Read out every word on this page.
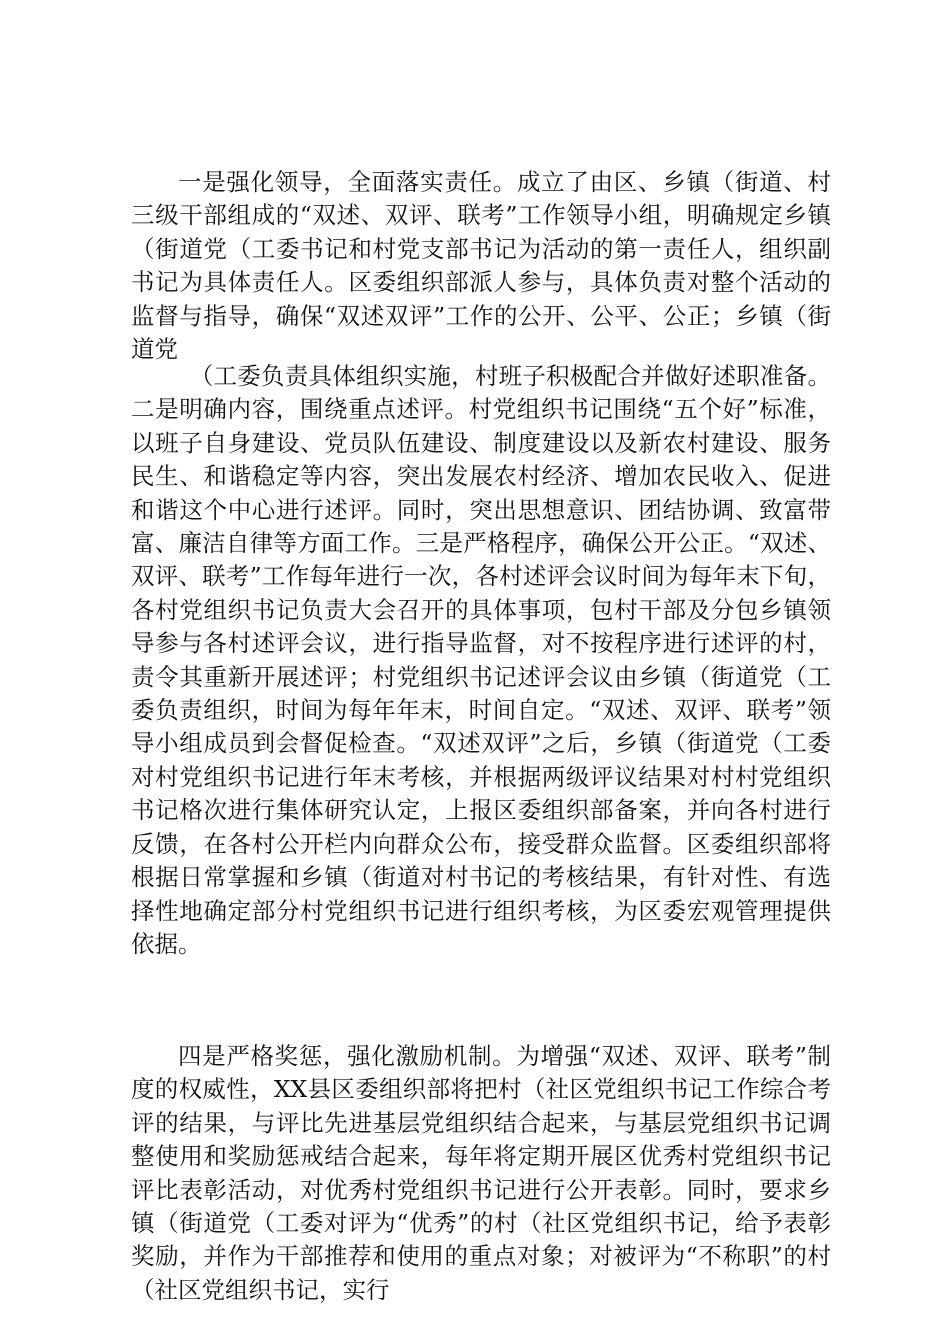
一是强化领导，全面落实责任。成立了由区、乡镇（街道、村三级干部组成的“双述、双评、联考”工作领导小组，明确规定乡镇（街道党（工委书记和村党支部书记为活动的第一责任人，组织副书记为具体责任人。区委组织部派人参与，具体负责对整个活动的监督与指导，确保“双述双评”工作的公开、公平、公正；乡镇（街道党

（工委负责具体组织实施，村班子积极配合并做好述职准备。二是明确内容，围绕重点述评。村党组织书记围绕“五个好”标准，以班子自身建设、党员队伍建设、制度建设以及新农村建设、服务民生、和谐稳定等内容，突出发展农村经济、增加农民收入、促进和谐这个中心进行述评。同时，突出思想意识、团结协调、致富带富、廉洁自律等方面工作。三是严格程序，确保公开公正。“双述、双评、联考”工作每年进行一次，各村述评会议时间为每年末下旬，各村党组织书记负责大会召开的具体事项，包村干部及分包乡镇领导参与各村述评会议，进行指导监督，对不按程序进行述评的村，责令其重新开展述评；村党组织书记述评会议由乡镇（街道党（工委负责组织，时间为每年年末，时间自定。“双述、双评、联考”领导小组成员到会督促检查。“双述双评”之后，乡镇（街道党（工委对村党组织书记进行年末考核，并根据两级评议结果对村村党组织书记格次进行集体研究认定，上报区委组织部备案，并向各村进行反馈，在各村公开栏内向群众公布，接受群众监督。区委组织部将根据日常掌握和乡镇（街道对村书记的考核结果，有针对性、有选择性地确定部分村党组织书记进行组织考核，为区委宏观管理提供依据。

四是严格奖惩，强化激励机制。为增强“双述、双评、联考”制度的权威性，XX县区委组织部将把村（社区党组织书记工作综合考评的结果，与评比先进基层党组织结合起来，与基层党组织书记调整使用和奖励惩戒结合起来，每年将定期开展区优秀村党组织书记评比表彰活动，对优秀村党组织书记进行公开表彰。同时，要求乡镇（街道党（工委对评为“优秀”的村（社区党组织书记，给予表彰奖励，并作为干部推荐和使用的重点对象；对被评为“不称职”的村（社区党组织书记，实行
